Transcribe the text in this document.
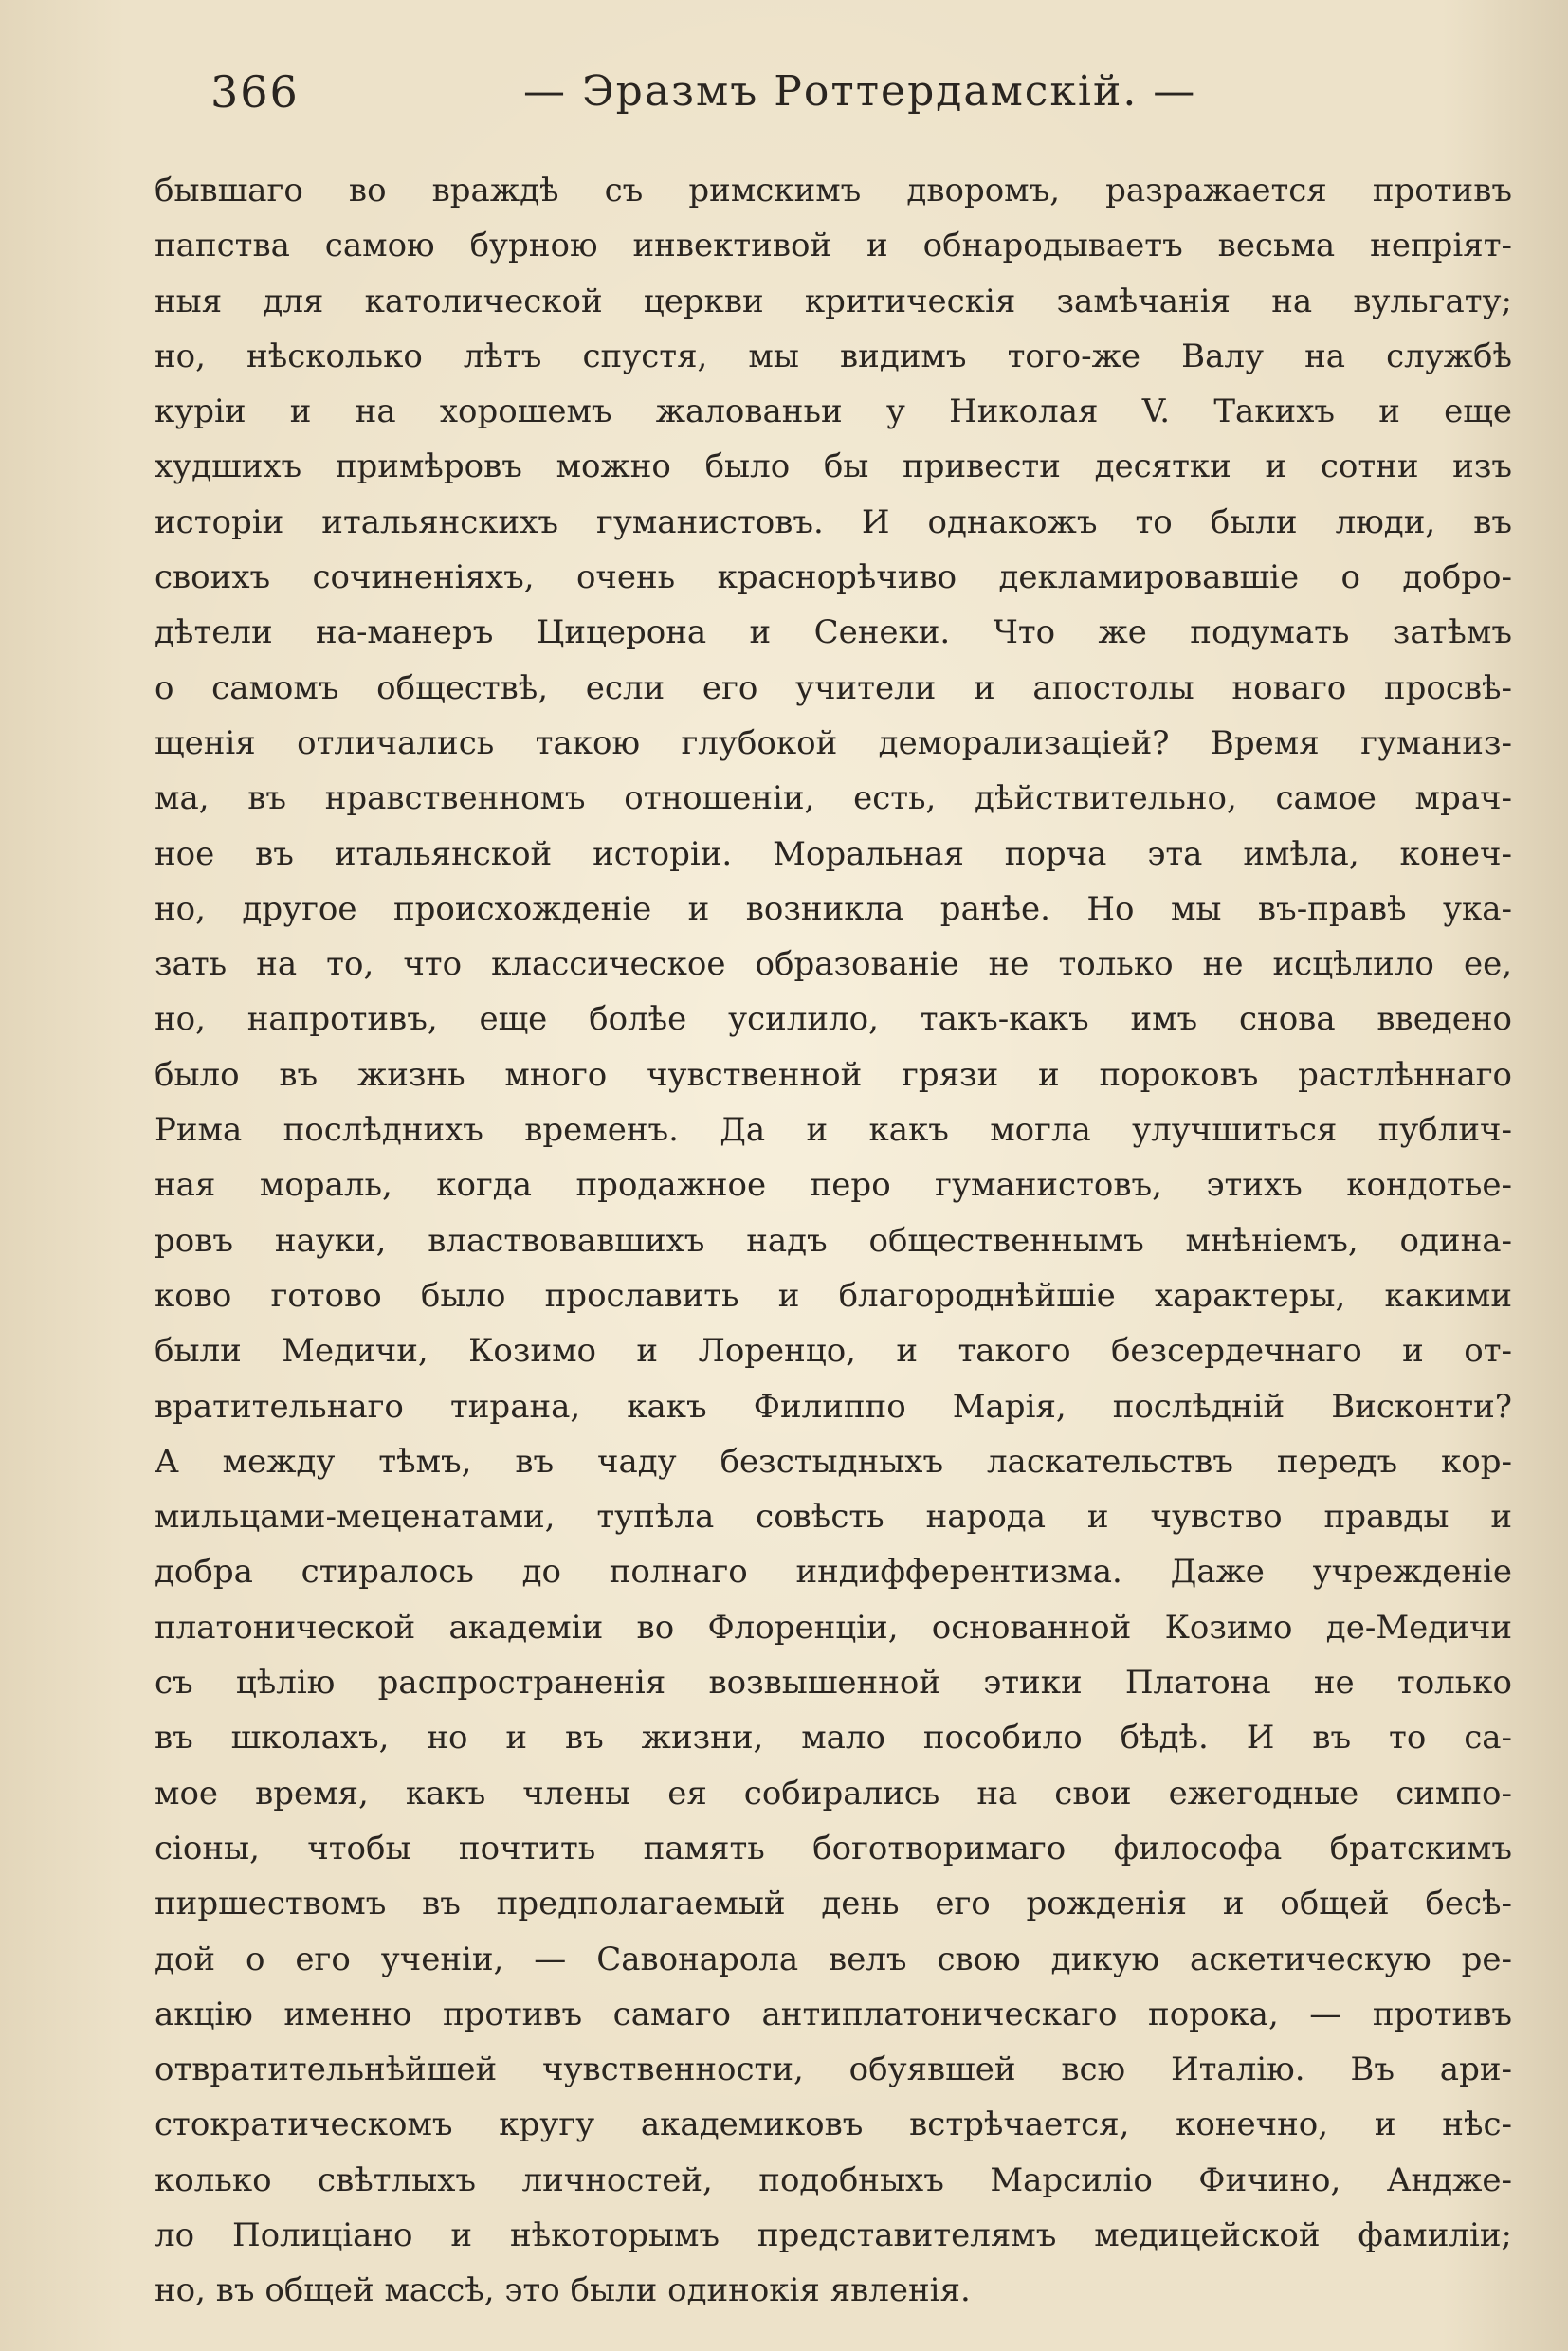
366	— Эразмъ Роттердамскій. —
бывшаго во враждѣ съ римскимъ дворомъ, разражается противъ
папства самою бурною инвективой и обнародываетъ весьма непріят-
ныя для католической церкви критическія замѣчанія на вульгату;
но, нѣсколько лѣтъ спустя, мы видимъ того-же Валу на службѣ
куріи и на хорошемъ жалованьи у Николая V. Такихъ и еще
худшихъ примѣровъ можно было бы привести десятки и сотни изъ
исторіи итальянскихъ гуманистовъ. И однакожъ то были люди, въ
своихъ сочиненіяхъ, очень краснорѣчиво декламировавшіе о добро-
дѣтели на-манеръ Цицерона и Сенеки. Что же подумать затѣмъ
о самомъ обществѣ, если его учители и апостолы новаго просвѣ-
щенія отличались такою глубокой деморализаціей? Время гуманиз-
ма, въ нравственномъ отношеніи, есть, дѣйствительно, самое мрач-
ное въ итальянской исторіи. Моральная порча эта имѣла, конеч-
но, другое происхожденіе и возникла ранѣе. Но мы въ-правѣ ука-
зать на то, что классическое образованіе не только не исцѣлило ее,
но, напротивъ, еще болѣе усилило, такъ-какъ имъ снова введено
было въ жизнь много чувственной грязи и пороковъ растлѣннаго
Рима послѣднихъ временъ. Да и какъ могла улучшиться публич-
ная мораль, когда продажное перо гуманистовъ, этихъ кондотье-
ровъ науки, властвовавшихъ надъ общественнымъ мнѣніемъ, одина-
ково готово было прославить и благороднѣйшіе характеры, какими
были Медичи, Козимо и Лоренцо, и такого безсердечнаго и от-
вратительнаго тирана, какъ Филиппо Марія, послѣдній Висконти?
А между тѣмъ, въ чаду безстыдныхъ ласкательствъ передъ кор-
мильцами-меценатами, тупѣла совѣсть народа и чувство правды и
добра стиралось до полнаго индифферентизма. Даже учрежденіе
платонической академіи во Флоренціи, основанной Козимо де-Медичи
съ цѣлію распространенія возвышенной этики Платона не только
въ школахъ, но и въ жизни, мало пособило бѣдѣ. И въ то са-
мое время, какъ члены ея собирались на свои ежегодные симпо-
сіоны, чтобы почтить память боготворимаго философа братскимъ
пиршествомъ въ предполагаемый день его рожденія и общей бесѣ-
дой о его ученіи, — Савонарола велъ свою дикую аскетическую ре-
акцію именно противъ самаго антиплатоническаго порока, — противъ
отвратительнѣйшей чувственности, обуявшей всю Италію. Въ ари-
стократическомъ кругу академиковъ встрѣчается, конечно, и нѣс-
колько свѣтлыхъ личностей, подобныхъ Марсиліо Фичино, Андже-
ло Полиціано и нѣкоторымъ представителямъ медицейской фамиліи;
но, въ общей массѣ, это были одинокія явленія.
